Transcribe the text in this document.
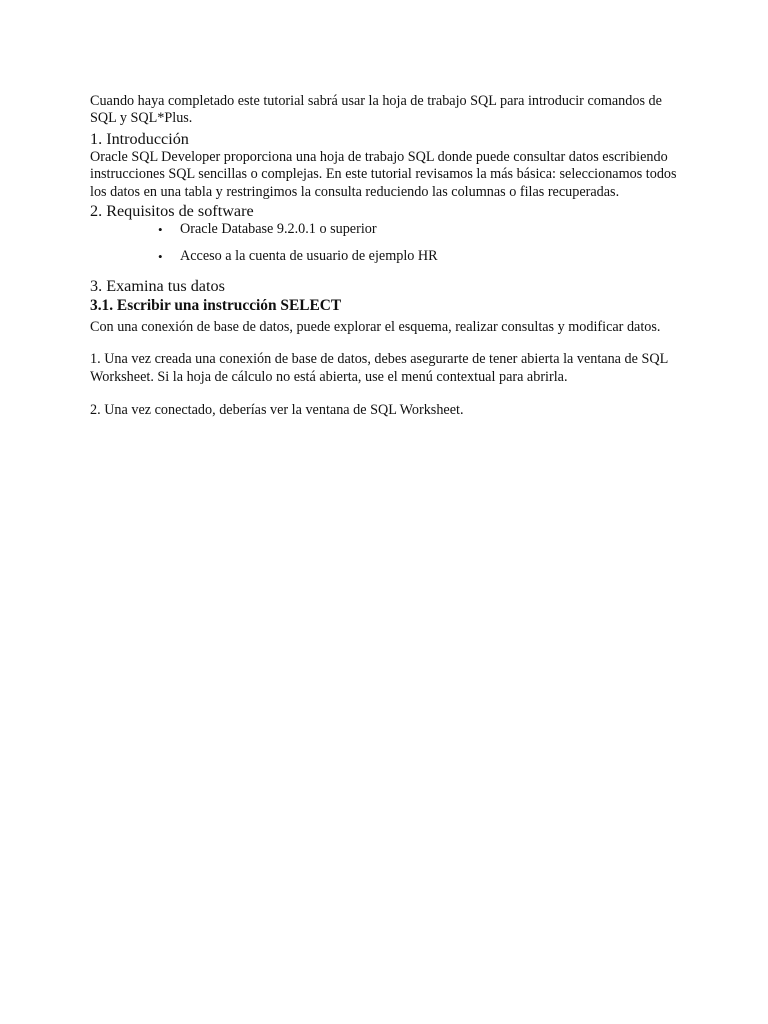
Cuando haya completado este tutorial sabrá usar la hoja de trabajo SQL para introducir comandos de SQL y SQL*Plus.

1. Introducción

Oracle SQL Developer proporciona una hoja de trabajo SQL donde puede consultar datos escribiendo instrucciones SQL sencillas o complejas. En este tutorial revisamos la más básica: seleccionamos todos los datos en una tabla y restringimos la consulta reduciendo las columnas o filas recuperadas.

2. Requisitos de software
• Oracle Database 9.2.0.1 o superior
• Acceso a la cuenta de usuario de ejemplo HR
3. Examina tus datos
3.1. Escribir una instrucción SELECT

Con una conexión de base de datos, puede explorar el esquema, realizar consultas y modificar datos.

1. Una vez creada una conexión de base de datos, debes asegurarte de tener abierta la ventana de SQL Worksheet. Si la hoja de cálculo no está abierta, use el menú contextual para abrirla.

2. Una vez conectado, deberías ver la ventana de SQL Worksheet.
